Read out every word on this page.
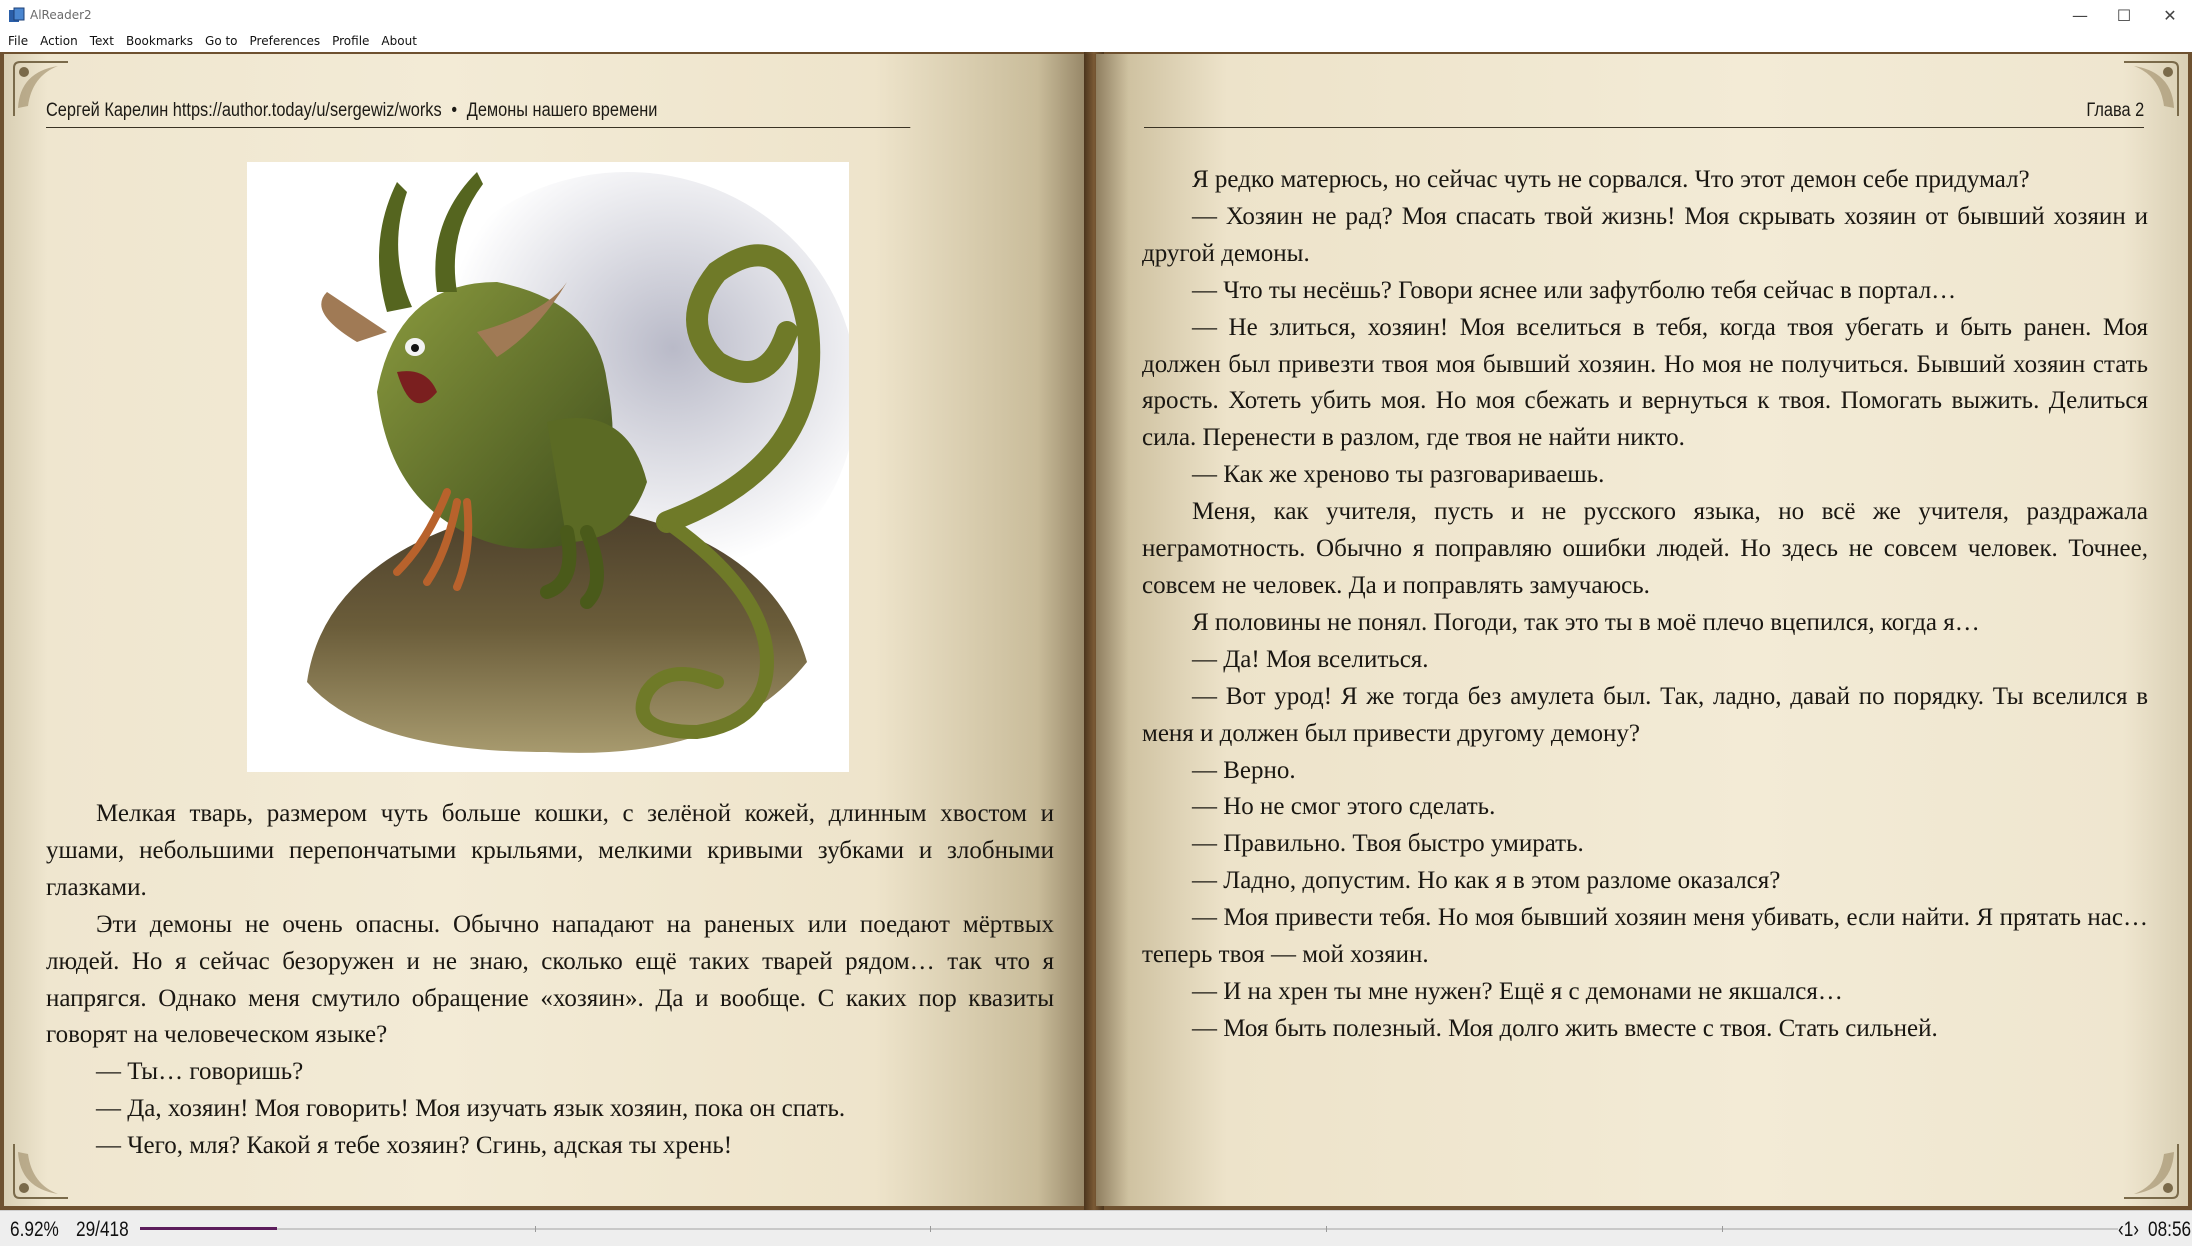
AlReader2	—	☐	✕
File Action Text Bookmarks Go to Preferences Profile About
Сергей Карелин https://author.today/u/sergewiz/works • Демоны нашего времени

Мелкая тварь, размером чуть больше кошки, с зелёной кожей, длинным хвостом и ушами, небольшими перепончатыми крыльями, мелкими кривыми зубками и злобными глазками.

Эти демоны не очень опасны. Обычно нападают на раненых или поедают мёртвых людей. Но я сейчас безоружен и не знаю, сколько ещё таких тварей рядом… так что я напрягся. Однако меня смутило обращение «хозяин». Да и вообще. С каких пор квазиты говорят на человеческом языке?

— Ты… говоришь?

— Да, хозяин! Моя говорить! Моя изучать язык хозяин, пока он спать.

— Чего, мля? Какой я тебе хозяин? Сгинь, адская ты хрень!

Глава 2

Я редко матерюсь, но сейчас чуть не сорвался. Что этот демон себе придумал?

— Хозяин не рад? Моя спасать твой жизнь! Моя скрывать хозяин от бывший хозяин и другой демоны.

— Что ты несёшь? Говори яснее или зафутболю тебя сейчас в портал…

— Не злиться, хозяин! Моя вселиться в тебя, когда твоя убегать и быть ранен. Моя должен был привезти твоя моя бывший хозяин. Но моя не получиться. Бывший хозяин стать ярость. Хотеть убить моя. Но моя сбежать и вернуться к твоя. Помогать выжить. Делиться сила. Перенести в разлом, где твоя не найти никто.

— Как же хреново ты разговариваешь.

Меня, как учителя, пусть и не русского языка, но всё же учителя, раздражала неграмотность. Обычно я поправляю ошибки людей. Но здесь не совсем человек. Точнее, совсем не человек. Да и поправлять замучаюсь.

Я половины не понял. Погоди, так это ты в моё плечо вцепился, когда я…

— Да! Моя вселиться.

— Вот урод! Я же тогда без амулета был. Так, ладно, давай по порядку. Ты вселился в меня и должен был привести другому демону?

— Верно.

— Но не смог этого сделать.

— Правильно. Твоя быстро умирать.

— Ладно, допустим. Но как я в этом разломе оказался?

— Моя привести тебя. Но моя бывший хозяин меня убивать, если найти. Я прятать нас… теперь твоя — мой хозяин.

— И на хрен ты мне нужен? Ещё я с демонами не якшался…

— Моя быть полезный. Моя долго жить вместе с твоя. Стать сильней.

6.92% 29/418	‹1› 08:56
